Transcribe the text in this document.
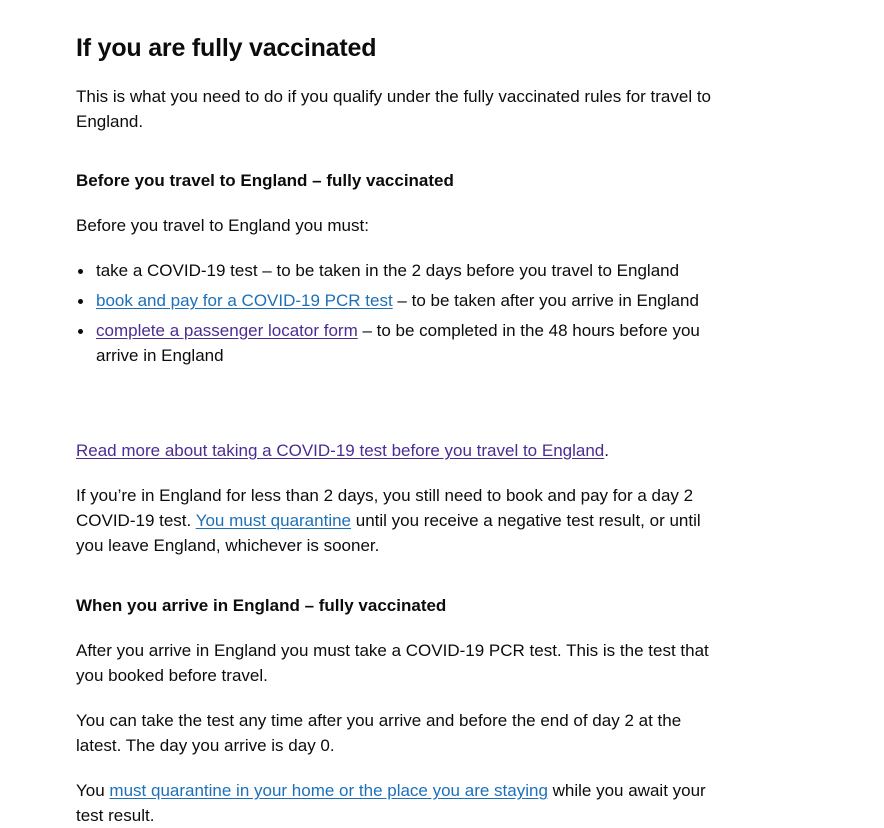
If you are fully vaccinated

This is what you need to do if you qualify under the fully vaccinated rules for travel to England.

Before you travel to England – fully vaccinated

Before you travel to England you must:

take a COVID-19 test – to be taken in the 2 days before you travel to England
book and pay for a COVID-19 PCR test – to be taken after you arrive in England
complete a passenger locator form – to be completed in the 48 hours before you arrive in England

Read more about taking a COVID-19 test before you travel to England.

If you’re in England for less than 2 days, you still need to book and pay for a day 2 COVID-19 test. You must quarantine until you receive a negative test result, or until you leave England, whichever is sooner.

When you arrive in England – fully vaccinated

After you arrive in England you must take a COVID-19 PCR test. This is the test that you booked before travel.

You can take the test any time after you arrive and before the end of day 2 at the latest. The day you arrive is day 0.

You must quarantine in your home or the place you are staying while you await your test result.
